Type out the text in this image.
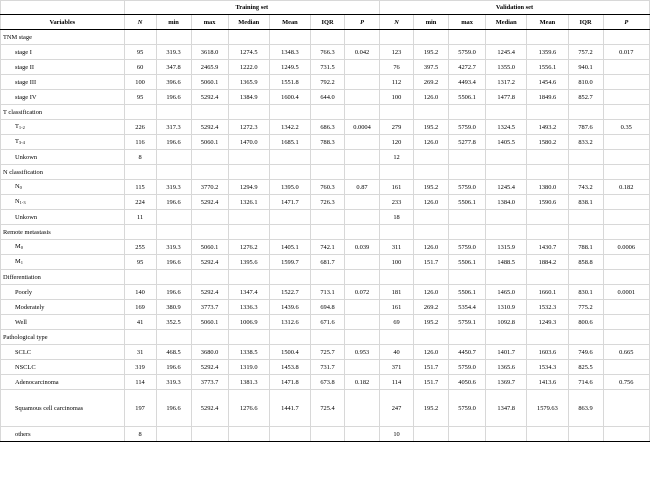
	Training set							Validation set						
Variables	N	min	max	Median	Mean	IQR	P	N	min	max	Median	Mean	IQR	P
TNM stage														
stage I	95	319.3	3618.0	1274.5	1348.3	766.3	0.042	123	195.2	5759.0	1245.4	1359.6	757.2	0.017
stage II	60	347.8	2465.9	1222.0	1249.5	731.5		76	397.5	4272.7	1355.0	1556.1	940.1	
stage III	100	396.6	5060.1	1365.9	1551.8	792.2		112	269.2	4493.4	1317.2	1454.6	810.0	
stage IV	95	196.6	5292.4	1384.9	1600.4	644.0		100	126.0	5506.1	1477.8	1849.6	852.7	
T classification														
$T_{1-2}$	226	317.3	5292.4	1272.3	1342.2	686.3	0.0004	279	195.2	5759.0	1324.5	1493.2	787.6	0.35
$T_{3-4}$	116	196.6	5060.1	1470.0	1685.1	788.3		120	126.0	5277.8	1405.5	1580.2	833.2	
Unkown	8							12						
N classification														
$N_0$	115	319.3	3770.2	1294.9	1395.0	760.3	0.87	161	195.2	5759.0	1245.4	1380.0	743.2	0.182
$N_{1-3}$	224	196.6	5292.4	1326.1	1471.7	726.3		233	126.0	5506.1	1384.0	1590.6	838.1	
Unkown	11							18						
Remote metastasis														
$M_0$	255	319.3	5060.1	1276.2	1405.1	742.1	0.039	311	126.0	5759.0	1315.9	1430.7	788.1	0.0006
$M_1$	95	196.6	5292.4	1395.6	1599.7	681.7		100	151.7	5506.1	1488.5	1884.2	858.8	
Differentiation														
Poorly	140	196.6	5292.4	1347.4	1522.7	713.1	0.072	181	126.0	5506.1	1465.0	1660.1	830.1	0.0001
Moderately	169	380.9	3773.7	1336.3	1439.6	694.8		161	269.2	5354.4	1310.9	1532.3	775.2	
Well	41	352.5	5060.1	1006.9	1312.6	671.6		69	195.2	5759.1	1092.8	1249.3	800.6	
Pathological type														
SCLC	31	468.5	3680.0	1338.5	1500.4	725.7	0.953	40	126.0	4450.7	1401.7	1603.6	749.6	0.665
NSCLC	319	196.6	5292.4	1319.0	1453.8	731.7		371	151.7	5759.0	1365.6	1534.3	825.5	
Adenocarcinoma	114	319.3	3773.7	1381.3	1471.8	673.8	0.182	114	151.7	4050.6	1369.7	1413.6	714.6	0.756
Squamous cell carcinomas	197	196.6	5292.4	1276.6	1441.7	725.4		247	195.2	5759.0	1347.8	1579.63	863.9	
others	8							10						
